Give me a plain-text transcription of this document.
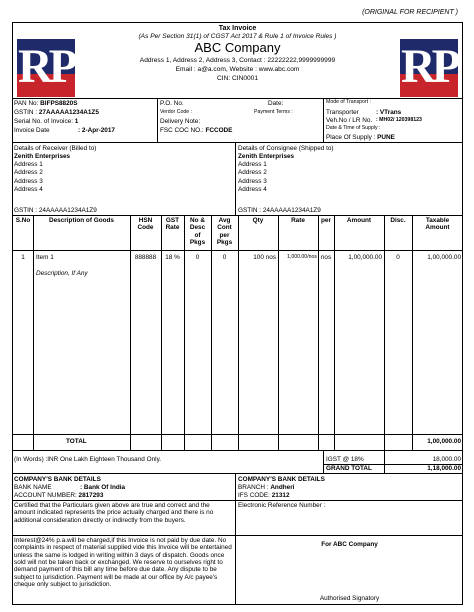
(ORIGINAL FOR RECIPIENT )
Tax Invoice
(As Per Section 31(1) of CGST Act 2017 & Rule 1 of Invoice Rules )
ABC Company
Address 1, Address 2, Address 3, Contact : 22222222,9999999999
Email : a@a.com, Website : www.abc.com
CIN: CIN0001
RP	RP
PAN No: BIFPS8820S
GSTIN : 27AAAAA1234A1Z5
Serial No. of Invoice: 1
Invoice Date	: 2-Apr-2017
P.O. No.	Date:
Verdor Code :	Payment Terms :
Delivery Note:
FSC COC NO.: FCCODE
Mode of Transport :
Transporter	: VTrans
Veh.No / LR No. : MH02/ 120398123
Date & Time of Supply :
Place Of Supply : PUNE
Details of Receiver (Billed to)
Zenith Enterprises
Address 1
Address 2
Address 3
Address 4
GSTIN : 24AAAAA1234A1Z9
Details of Consignee (Shipped to)
Zenith Enterprises
Address 1
Address 2
Address 3
Address 4
GSTIN : 24AAAAA1234A1Z9
S.No	Description of Goods	HSN
Code
GST
Rate
No &
Desc
of
Pkgs
Avg
Cont
per
Pkgs
Qty	Rate	per	Amount	Disc.	Taxable
Amount
1	Item 1
Description, If Any
888888	18 %	0	0	100 nos	1,000.00/nos nos	1,00,000.00	0	1,00,000.00
TOTAL	1,00,000.00
(In Words) :INR One Lakh Eighteen Thousand Only.	IGST @ 18%	18,000.00
GRAND TOTAL	1,18,000.00
COMPANY'S BANK DETAILS
BANK NAME	: Bank Of India
ACCOUNT NUMBER: 2817293
COMPANY'S BANK DETAILS
BRANCH : Andheri
IFS CODE: 21312
Certified that the Particulars given above are true and correct and the amount indicated represents the price actually charged and there is no additional consideration directly or indirectly from the buyers.
Electronic Reference Number :
Interest@24% p.a.will be charged,if this Invoice is not paid by due date. No complaints in respect of material supplied vide this Invoice will be entertained unless the same is lodged in writing within 3 days of dispatch. Goods once sold will not be taken back or exchanged. We reserve to ourselves right to demand payment of this bill any time before due date. Any dispute to be subject to jurisdiction. Payment will be made at our office by A/c payee's cheque only subject to jurisdiction.
For ABC Company
Authorised Signatory
